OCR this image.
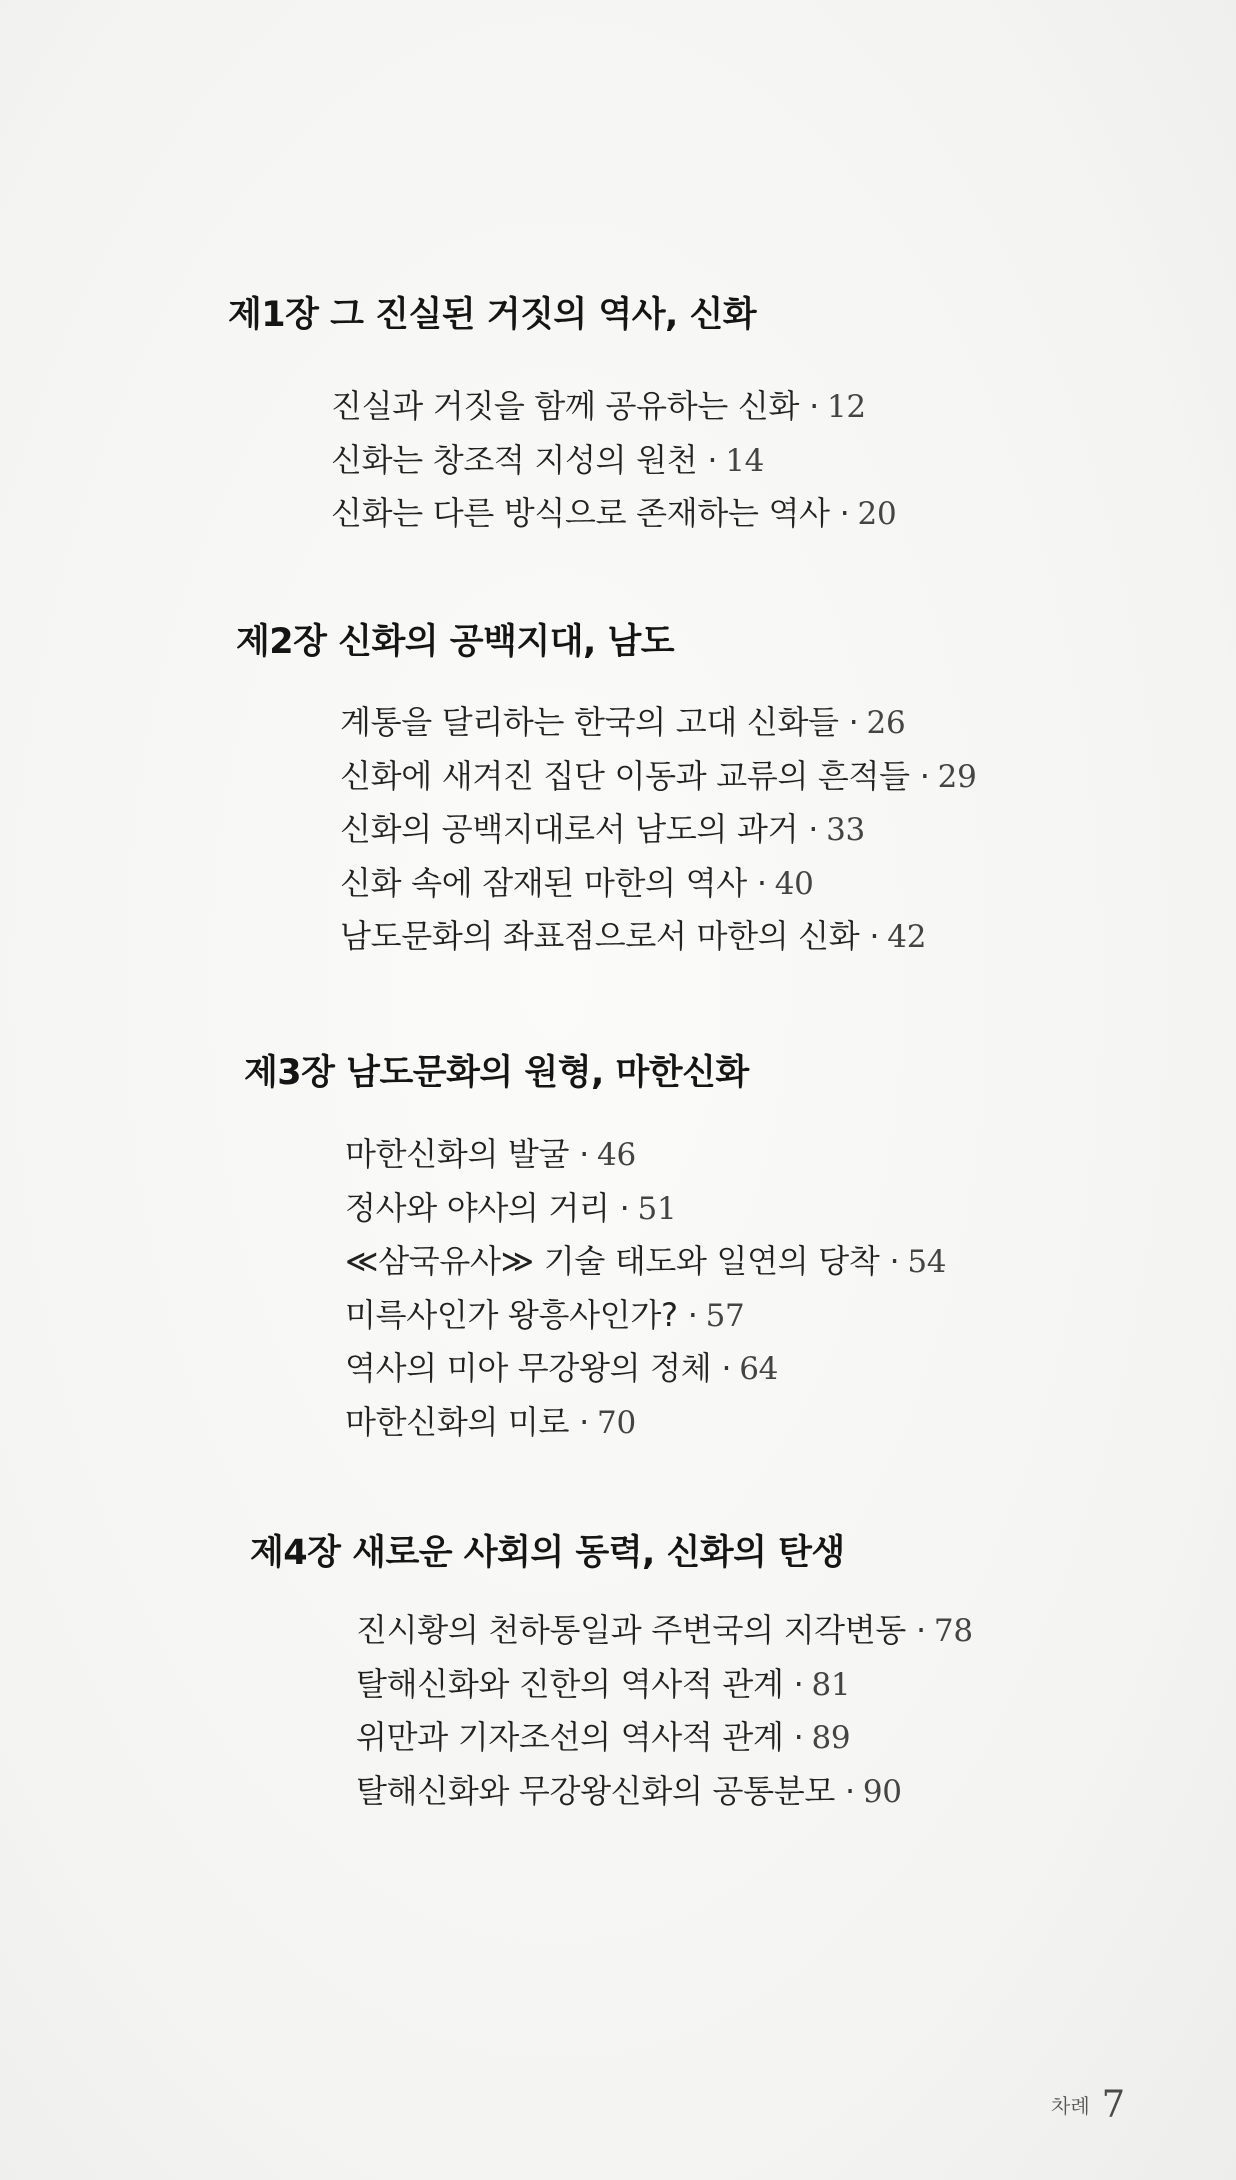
제1장 그 진실된 거짓의 역사, 신화
진실과 거짓을 함께 공유하는 신화 · 12
신화는 창조적 지성의 원천 · 14
신화는 다른 방식으로 존재하는 역사 · 20
제2장 신화의 공백지대, 남도
계통을 달리하는 한국의 고대 신화들 · 26
신화에 새겨진 집단 이동과 교류의 흔적들 · 29
신화의 공백지대로서 남도의 과거 · 33
신화 속에 잠재된 마한의 역사 · 40
남도문화의 좌표점으로서 마한의 신화 · 42
제3장 남도문화의 원형, 마한신화
마한신화의 발굴 · 46
정사와 야사의 거리 · 51
≪삼국유사≫ 기술 태도와 일연의 당착 · 54
미륵사인가 왕흥사인가? · 57
역사의 미아 무강왕의 정체 · 64
마한신화의 미로 · 70
제4장 새로운 사회의 동력, 신화의 탄생
진시황의 천하통일과 주변국의 지각변동 · 78
탈해신화와 진한의 역사적 관계 · 81
위만과 기자조선의 역사적 관계 · 89
탈해신화와 무강왕신화의 공통분모 · 90
차례 7
